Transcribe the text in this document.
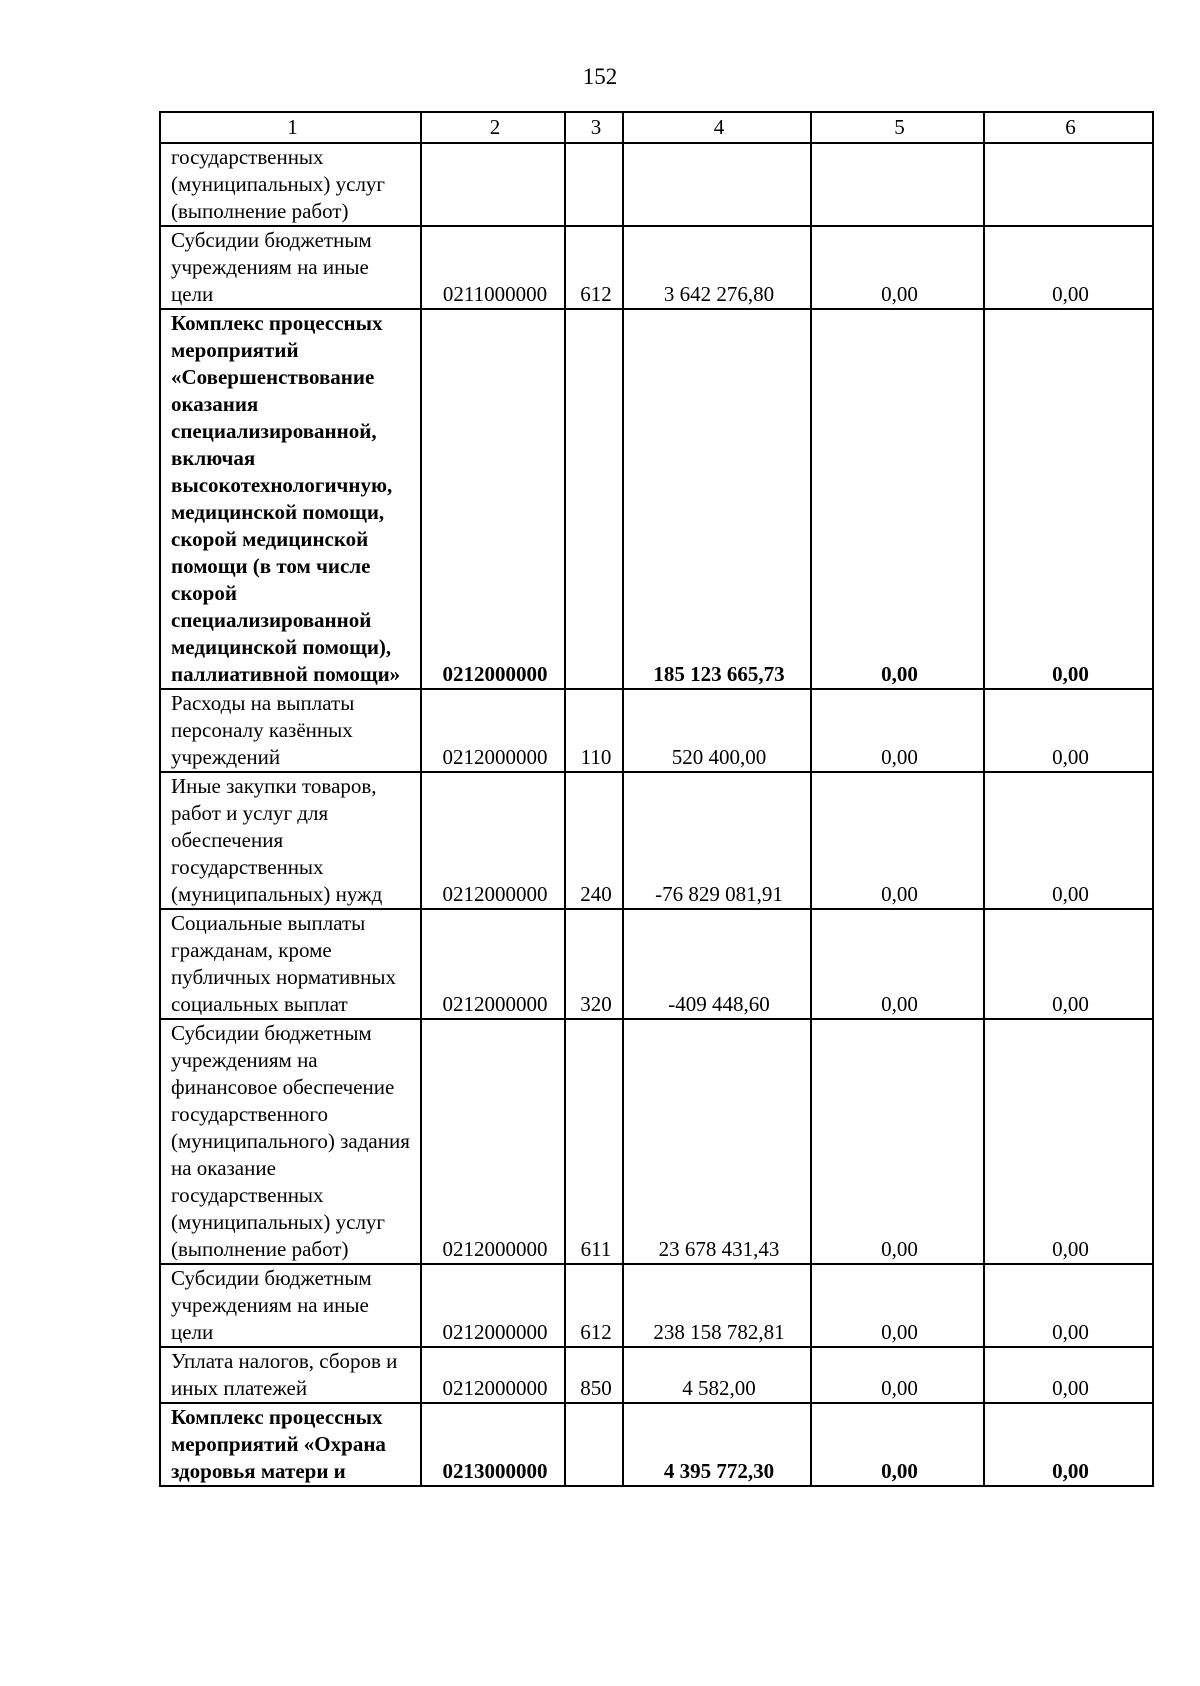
152
1	2	3	4	5	6
государственных (муниципальных) услуг (выполнение работ)					
Субсидии бюджетным учреждениям на иные цели	0211000000	612	3 642 276,80	0,00	0,00
Комплекс процессных мероприятий «Совершенствование оказания специализированной, включая высокотехнологичную, медицинской помощи, скорой медицинской помощи (в том числе скорой специализированной медицинской помощи), паллиативной помощи»	0212000000		185 123 665,73	0,00	0,00
Расходы на выплаты персоналу казённых учреждений	0212000000	110	520 400,00	0,00	0,00
Иные закупки товаров, работ и услуг для обеспечения государственных (муниципальных) нужд	0212000000	240	-76 829 081,91	0,00	0,00
Социальные выплаты гражданам, кроме публичных нормативных социальных выплат	0212000000	320	-409 448,60	0,00	0,00
Субсидии бюджетным учреждениям на финансовое обеспечение государственного (муниципального) задания на оказание государственных (муниципальных) услуг (выполнение работ)	0212000000	611	23 678 431,43	0,00	0,00
Субсидии бюджетным учреждениям на иные цели	0212000000	612	238 158 782,81	0,00	0,00
Уплата налогов, сборов и иных платежей	0212000000	850	4 582,00	0,00	0,00
Комплекс процессных мероприятий «Охрана здоровья матери и	0213000000		4 395 772,30	0,00	0,00
